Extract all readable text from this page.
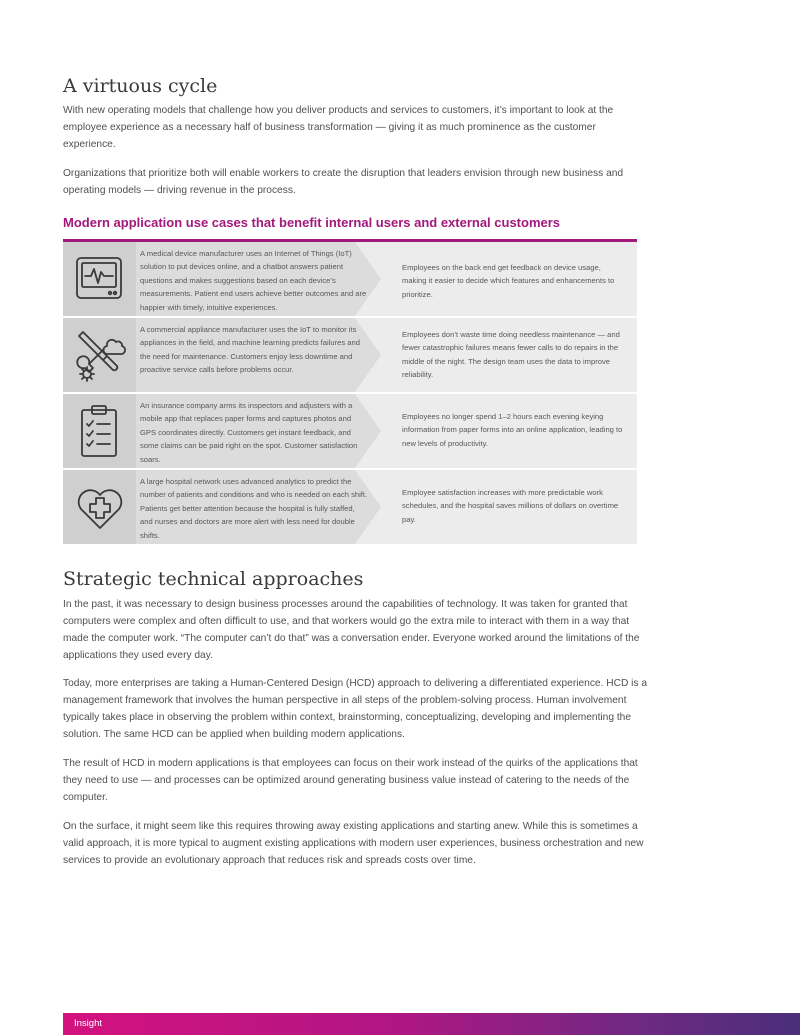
A virtuous cycle

With new operating models that challenge how you deliver products and services to customers, it’s important to look at the employee experience as a necessary half of business transformation — giving it as much prominence as the customer experience.

Organizations that prioritize both will enable workers to create the disruption that leaders envision through new business and operating models — driving revenue in the process.

Modern application use cases that benefit internal users and external customers

A medical device manufacturer uses an Internet of Things (IoT) solution to put devices online, and a chatbot answers patient questions and makes suggestions based on each device’s measurements. Patient end users achieve better outcomes and are happier with timely, intuitive experiences.

Employees on the back end get feedback on device usage, making it easier to decide which features and enhancements to prioritize.

A commercial appliance manufacturer uses the IoT to monitor its appliances in the field, and machine learning predicts failures and the need for maintenance. Customers enjoy less downtime and proactive service calls before problems occur.

Employees don’t waste time doing needless maintenance — and fewer catastrophic failures means fewer calls to do repairs in the middle of the night. The design team uses the data to improve reliability.

An insurance company arms its inspectors and adjusters with a mobile app that replaces paper forms and captures photos and GPS coordinates directly. Customers get instant feedback, and some claims can be paid right on the spot. Customer satisfaction soars.

Employees no longer spend 1–2 hours each evening keying information from paper forms into an online application, leading to new levels of productivity.

A large hospital network uses advanced analytics to predict the number of patients and conditions and who is needed on each shift. Patients get better attention because the hospital is fully staffed, and nurses and doctors are more alert with less need for double shifts.

Employee satisfaction increases with more predictable work schedules, and the hospital saves millions of dollars on overtime pay.

Strategic technical approaches

In the past, it was necessary to design business processes around the capabilities of technology. It was taken for granted that computers were complex and often difficult to use, and that workers would go the extra mile to interact with them in a way that made the computer work. “The computer can’t do that” was a conversation ender. Everyone worked around the limitations of the applications they used every day.

Today, more enterprises are taking a Human-Centered Design (HCD) approach to delivering a differentiated experience. HCD is a management framework that involves the human perspective in all steps of the problem-solving process. Human involvement typically takes place in observing the problem within context, brainstorming, conceptualizing, developing and implementing the solution. The same HCD can be applied when building modern applications.

The result of HCD in modern applications is that employees can focus on their work instead of the quirks of the applications that they need to use — and processes can be optimized around generating business value instead of catering to the needs of the computer.

On the surface, it might seem like this requires throwing away existing applications and starting anew. While this is sometimes a valid approach, it is more typical to augment existing applications with modern user experiences, business orchestration and new services to provide an evolutionary approach that reduces risk and spreads costs over time.

Insight
